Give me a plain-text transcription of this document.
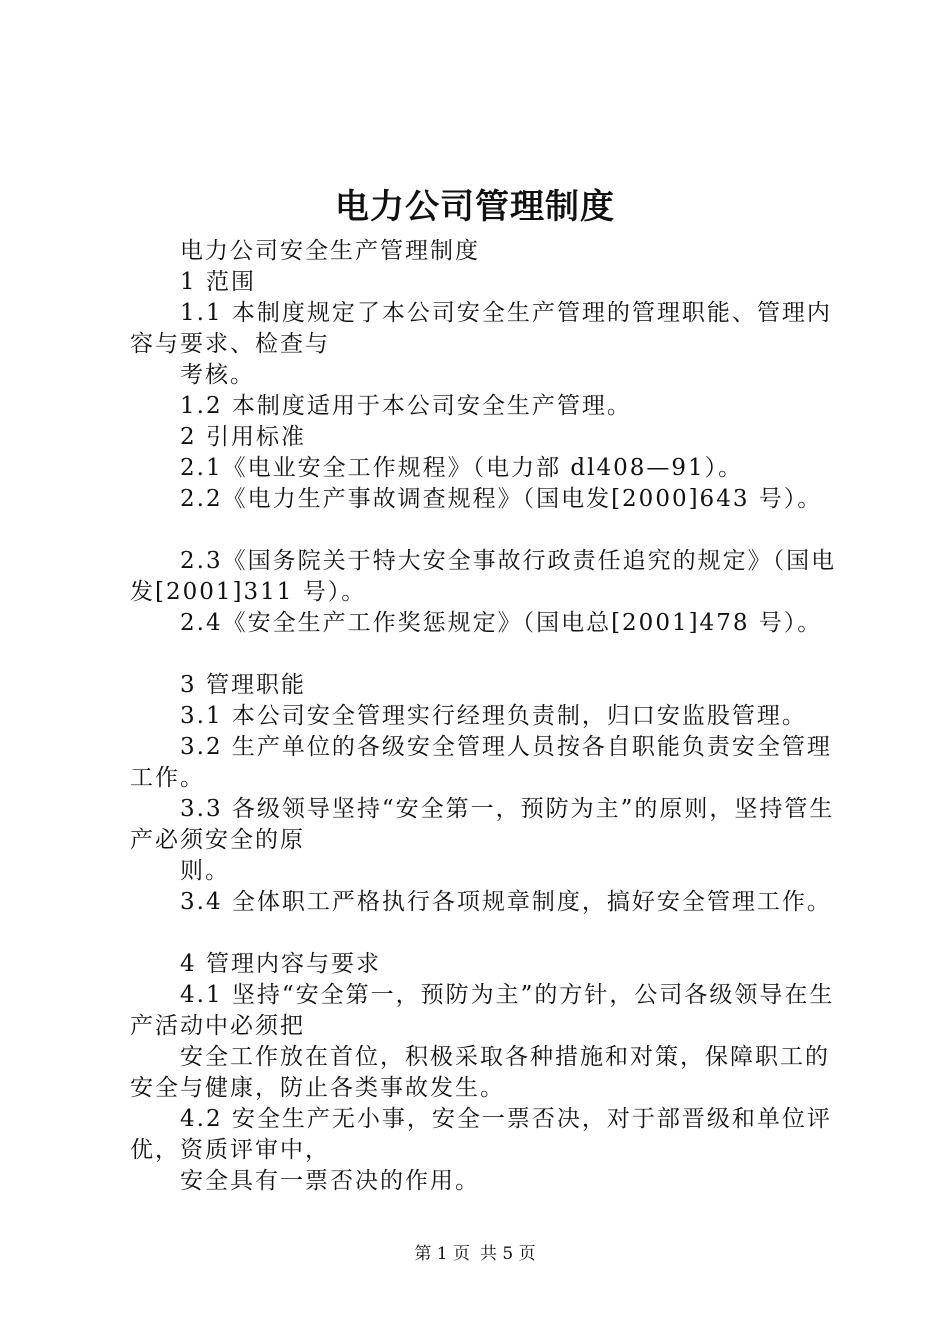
电力公司管理制度

电力公司安全生产管理制度

1 范围

1.1 本制度规定了本公司安全生产管理的管理职能、管理内容与要求、检查与

考核。

1.2 本制度适用于本公司安全生产管理。

2 引用标准

2.1《电业安全工作规程》（电力部 dl408—91）。

2.2《电力生产事故调查规程》（国电发[2000]643 号）。

2.3《国务院关于特大安全事故行政责任追究的规定》（国电发[2001]311 号）。

2.4《安全生产工作奖惩规定》（国电总[2001]478 号）。

3 管理职能

3.1 本公司安全管理实行经理负责制，归口安监股管理。

3.2 生产单位的各级安全管理人员按各自职能负责安全管理工作。

3.3 各级领导坚持“安全第一，预防为主”的原则，坚持管生产必须安全的原

则。

3.4 全体职工严格执行各项规章制度，搞好安全管理工作。

4 管理内容与要求

4.1 坚持“安全第一，预防为主”的方针，公司各级领导在生产活动中必须把

安全工作放在首位，积极采取各种措施和对策，保障职工的安全与健康，防止各类事故发生。

4.2 安全生产无小事，安全一票否决，对于部晋级和单位评优，资质评审中，

安全具有一票否决的作用。

第 1 页 共 5 页
